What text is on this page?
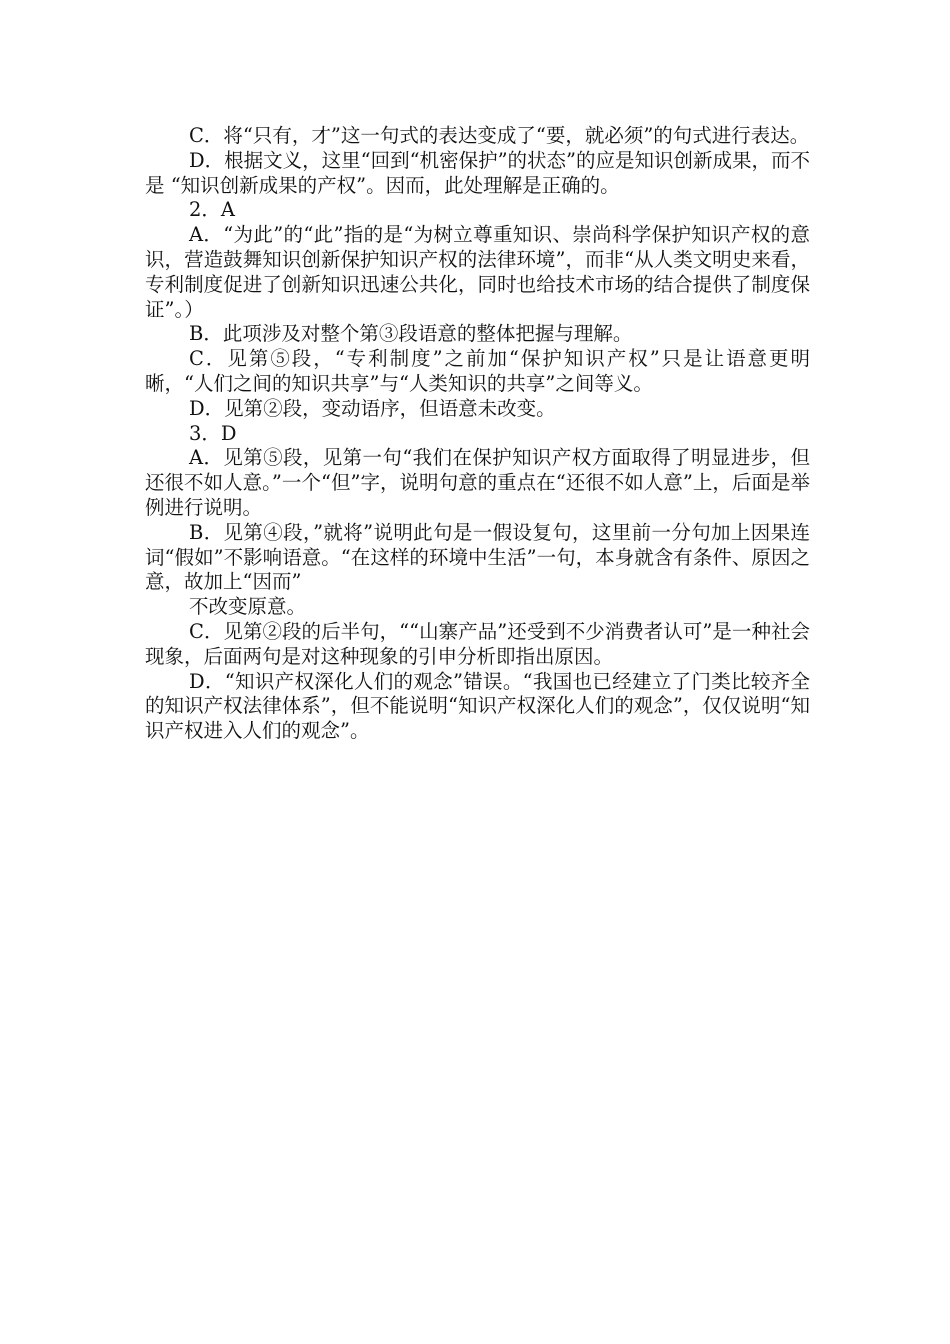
C．将“只有，才”这一句式的表达变成了“要，就必须”的句式进行表达。

D．根据文义，这里“回到“机密保护”的状态”的应是知识创新成果，而不是 “知识创新成果的产权”。因而，此处理解是正确的。

2．A

A．“为此”的“此”指的是“为树立尊重知识、崇尚科学保护知识产权的意识，营造鼓舞知识创新保护知识产权的法律环境”，而非“从人类文明史来看，专利制度促进了创新知识迅速公共化，同时也给技术市场的结合提供了制度保证”。）

B．此项涉及对整个第③段语意的整体把握与理解。

C．见第⑤段，“专利制度”之前加“保护知识产权”只是让语意更明晰，“人们之间的知识共享”与“人类知识的共享”之间等义。

D．见第②段，变动语序，但语意未改变。

3．D

A．见第⑤段，见第一句“我们在保护知识产权方面取得了明显进步，但还很不如人意。”一个“但”字，说明句意的重点在“还很不如人意”上，后面是举例进行说明。

B．见第④段，”就将”说明此句是一假设复句，这里前一分句加上因果连词“假如”不影响语意。“在这样的环境中生活”一句，本身就含有条件、原因之意，故加上“因而”

不改变原意。

C．见第②段的后半句，““山寨产品”还受到不少消费者认可”是一种社会现象，后面两句是对这种现象的引申分析即指出原因。

D．“知识产权深化人们的观念”错误。“我国也已经建立了门类比较齐全的知识产权法律体系”，但不能说明“知识产权深化人们的观念”，仅仅说明“知识产权进入人们的观念”。
